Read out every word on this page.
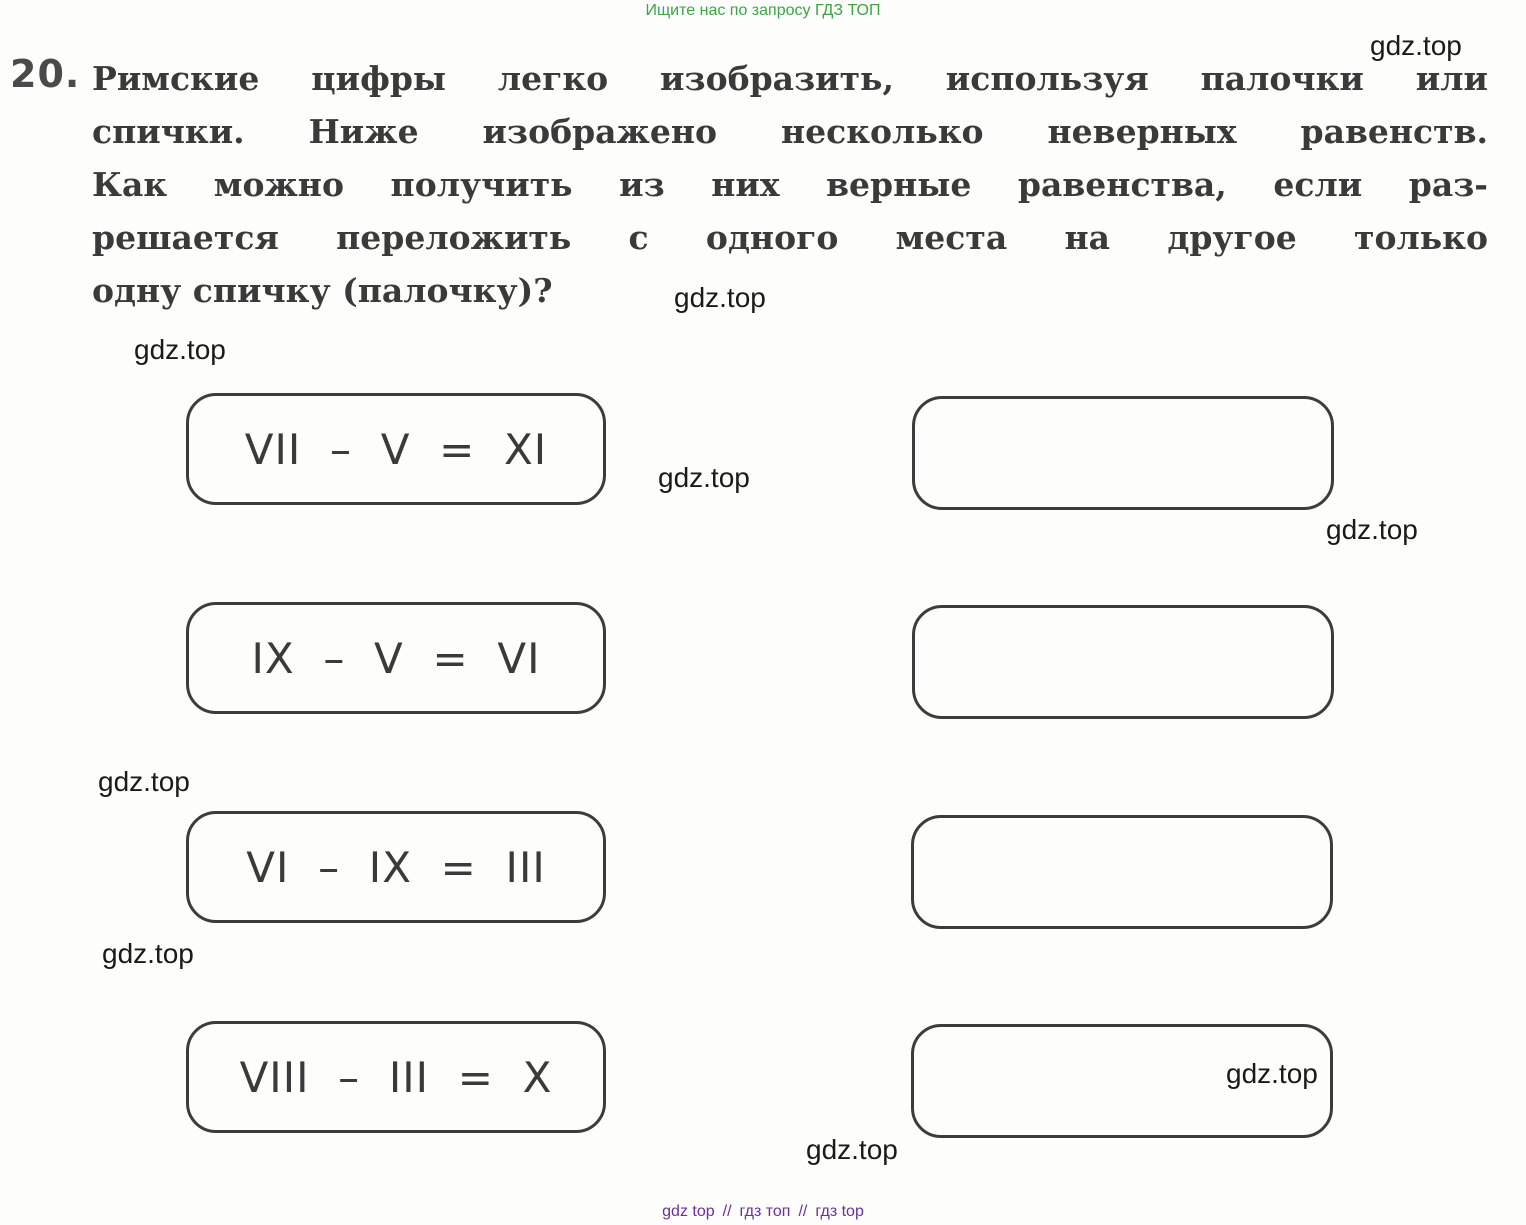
Ищите нас по запросу ГДЗ ТОП
20. Римские цифры легко изобразить, используя палочки или
спички. Ниже изображено несколько неверных равенств.
Как можно получить из них верные равенства, если раз-
решается переложить с одного места на другое только
одну спичку (палочку)?
VII  –  V  =  XI
IX  –  V  =  VI
VI  –  IX  =  III
VIII  –  III  =  X
gdz.top
gdz.top
gdz.top
gdz.top
gdz.top
gdz.top
gdz.top
gdz.top
gdz.top
gdz top // гдз топ // гдз top
